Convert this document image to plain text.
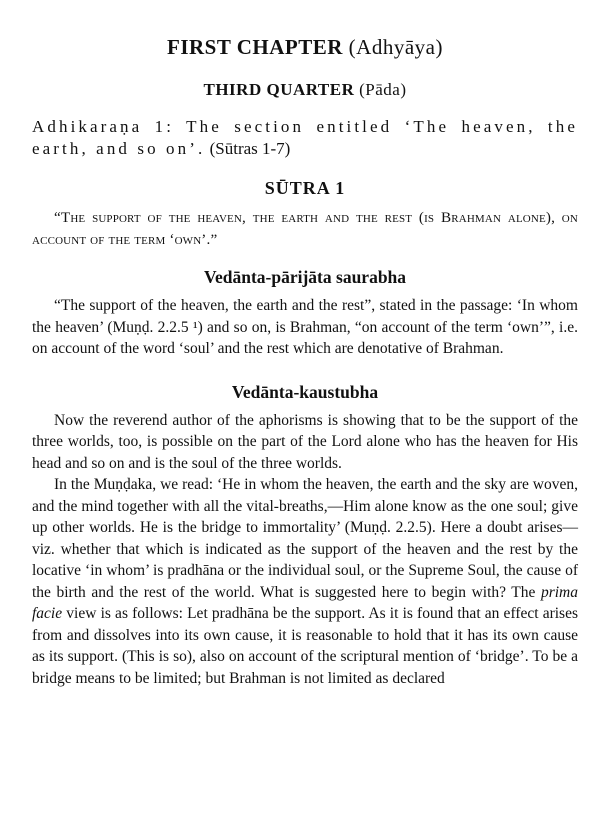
FIRST CHAPTER (Adhyāya)
THIRD QUARTER (Pāda)

Adhikaraṇa 1: The section entitled ‘The heaven, the earth, and so on’. (Sūtras 1-7)

SŪTRA 1

“The support of the heaven, the earth and the rest (is Brahman alone), on account of the term ‘own’.”

Vedānta-pārijāta saurabha

“The support of the heaven, the earth and the rest”, stated in the passage: ‘In whom the heaven’ (Muṇḍ. 2.2.5 ¹) and so on, is Brahman, “on account of the term ‘own’”, i.e. on account of the word ‘soul’ and the rest which are denotative of Brahman.

Vedānta-kaustubha

Now the reverend author of the aphorisms is showing that to be the support of the three worlds, too, is possible on the part of the Lord alone who has the heaven for His head and so on and is the soul of the three worlds.

In the Muṇḍaka, we read: ‘He in whom the heaven, the earth and the sky are woven, and the mind together with all the vital-breaths,—Him alone know as the one soul; give up other worlds. He is the bridge to immortality’ (Muṇḍ. 2.2.5). Here a doubt arises—viz. whether that which is indicated as the support of the heaven and the rest by the locative ‘in whom’ is pradhāna or the individual soul, or the Supreme Soul, the cause of the birth and the rest of the world. What is suggested here to begin with? The prima facie view is as follows: Let pradhāna be the support. As it is found that an effect arises from and dissolves into its own cause, it is reasonable to hold that it has its own cause as its support. (This is so), also on account of the scriptural mention of ‘bridge’. To be a bridge means to be limited; but Brahman is not limited as declared
